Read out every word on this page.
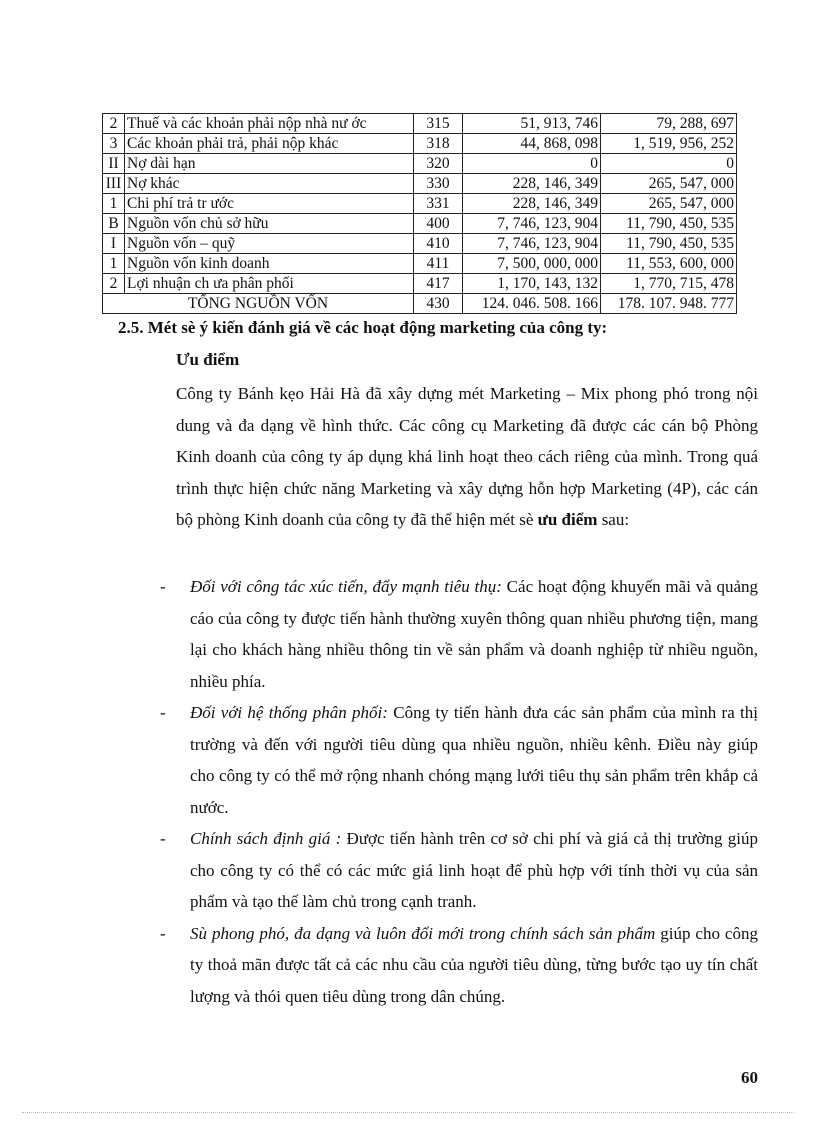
2	Thuế và các khoản phải nộp nhà nư ớc	315	51, 913, 746	79, 288, 697
3	Các khoản phải trả, phải nộp khác	318	44, 868, 098	1, 519, 956, 252
II	Nợ dài hạn	320	0	0
III	Nợ khác	330	228, 146, 349	265, 547, 000
1	Chi phí trả tr ước	331	228, 146, 349	265, 547, 000
B	Nguồn vốn chủ sở hữu	400	7, 746, 123, 904	11, 790, 450, 535
I	Nguồn vốn – quỹ	410	7, 746, 123, 904	11, 790, 450, 535
1	Nguồn vốn kinh doanh	411	7, 500, 000, 000	11, 553, 600, 000
2	Lợi nhuận ch ưa phân phối	417	1, 170, 143, 132	1, 770, 715, 478
TỔNG NGUỒN VỐN		430	124. 046. 508. 166	178. 107. 948. 777
2.5. Mét sè ý kiến đánh giá về các hoạt động marketing của công ty:
Ưu điểm

Công ty Bánh kẹo Hải Hà đã xây dựng mét Marketing – Mix phong phó trong nội dung và đa dạng về hình thức. Các công cụ Marketing đã được các cán bộ Phòng Kinh doanh của công ty áp dụng khá linh hoạt theo cách riêng của mình. Trong quá trình thực hiện chức năng Marketing và xây dựng hỗn hợp Marketing (4P), các cán bộ phòng Kinh doanh của công ty đã thể hiện mét sè ưu điểm sau:

- Đối với công tác xúc tiến, đẩy mạnh tiêu thụ: Các hoạt động khuyến mãi và quảng cáo của công ty được tiến hành thường xuyên thông quan nhiều phương tiện, mang lại cho khách hàng nhiều thông tin về sản phẩm và doanh nghiệp từ nhiều nguồn, nhiều phía.
- Đối với hệ thống phân phối: Công ty tiến hành đưa các sản phẩm của mình ra thị trường và đến với người tiêu dùng qua nhiều nguồn, nhiều kênh. Điều này giúp cho công ty có thể mở rộng nhanh chóng mạng lưới tiêu thụ sản phẩm trên khắp cả nước.
- Chính sách định giá : Được tiến hành trên cơ sở chi phí và giá cả thị trường giúp cho công ty có thể có các mức giá linh hoạt để phù hợp với tính thời vụ của sản phẩm và tạo thế làm chủ trong cạnh tranh.
- Sù phong phó, đa dạng và luôn đổi mới trong chính sách sản phẩm giúp cho công ty thoả mãn được tất cả các nhu cầu của người tiêu dùng, từng bước tạo uy tín chất lượng và thói quen tiêu dùng trong dân chúng.
60
